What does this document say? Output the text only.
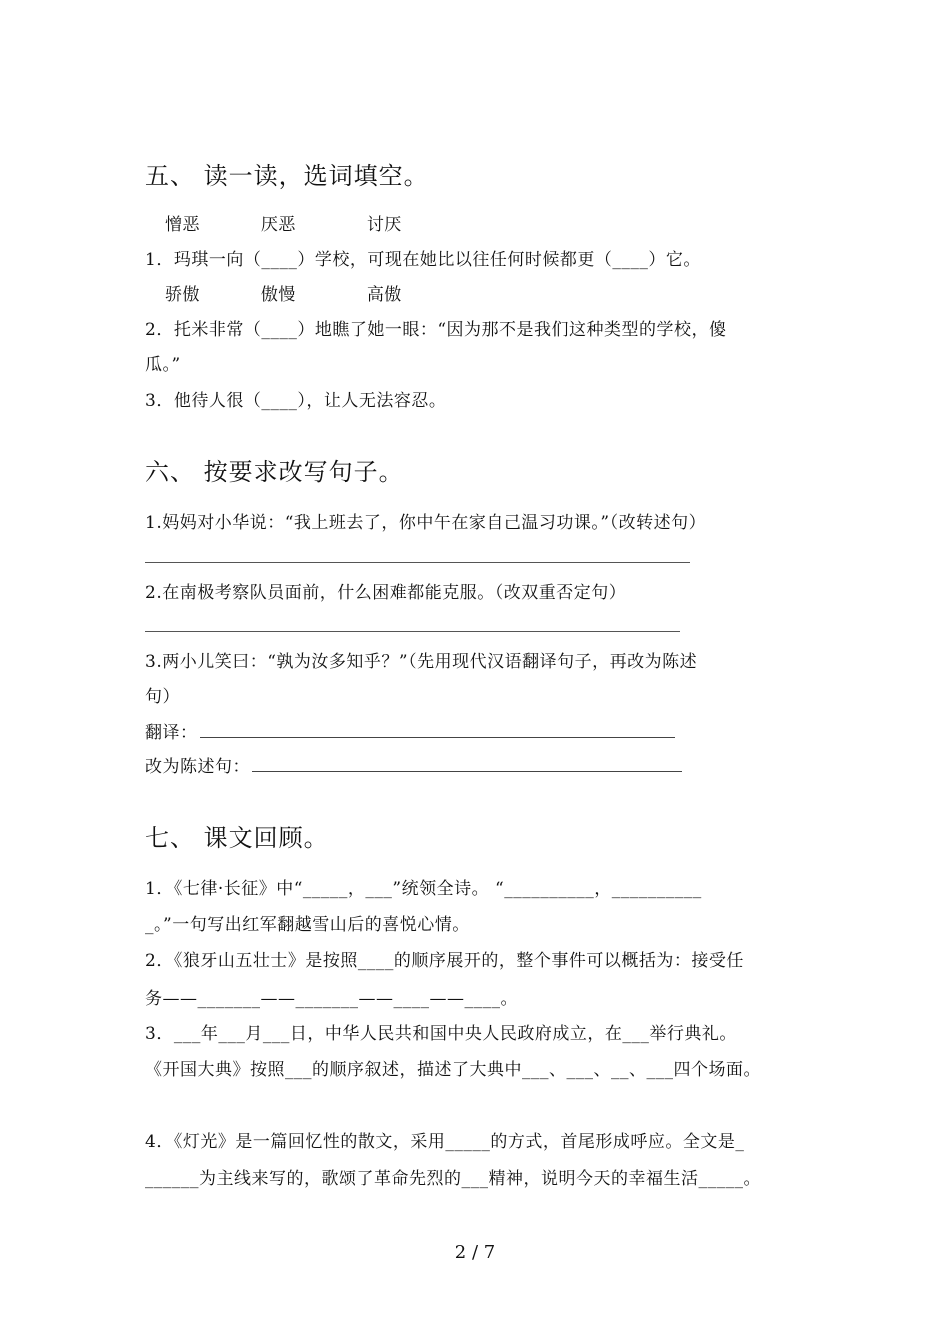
五、 读一读，选词填空。
憎恶	厌恶	讨厌
1．玛琪一向（____）学校，可现在她比以往任何时候都更（____）它。
骄傲	傲慢	高傲
2．托米非常（____）地瞧了她一眼：“因为那不是我们这种类型的学校，傻
瓜。”
3．他待人很（____），让人无法容忍。
六、 按要求改写句子。
1.妈妈对小华说：“我上班去了，你中午在家自己温习功课。”（改转述句）
2.在南极考察队员面前，什么困难都能克服。（改双重否定句）
3.两小儿笑曰：“孰为汝多知乎？”（先用现代汉语翻译句子，再改为陈述
句）
翻译：
改为陈述句：
七、 课文回顾。
1．《七律·长征》中“_____，___”统领全诗。 “__________，__________
_。”一句写出红军翻越雪山后的喜悦心情。
2．《狼牙山五壮士》是按照____的顺序展开的，整个事件可以概括为：接受任
务——_______——_______——____——____。
3．___年___月___日，中华人民共和国中央人民政府成立，在___举行典礼。
《开国大典》按照___的顺序叙述，描述了大典中___、___、__、___四个场面。
4．《灯光》是一篇回忆性的散文，采用_____的方式，首尾形成呼应。全文是_
______为主线来写的，歌颂了革命先烈的___精神，说明今天的幸福生活_____。
2 / 7
